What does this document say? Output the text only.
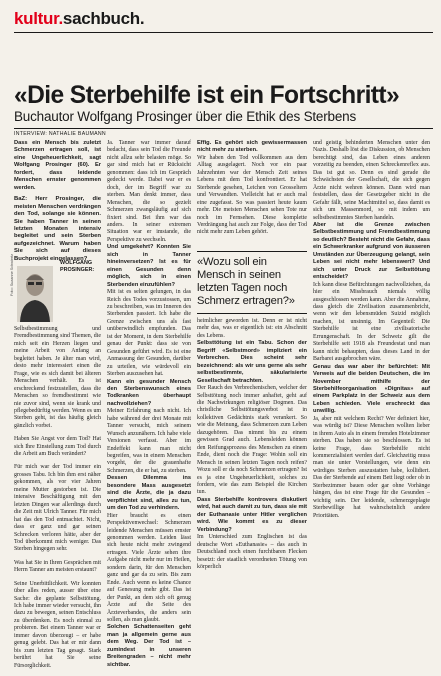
kultur.sachbuch.
«Die Sterbehilfe ist ein Fortschritt»
Buchautor Wolfgang Prosinger über die Ethik des Sterbens
INTERVIEW: NATHALIE BAUMANN

Dass ein Mensch bis zuletzt Schmerzen ertragen soll, ist eine Ungeheuerlichkeit, sagt Wolfgang Prosinger (60). Er fordert, dass leidende Menschen ernster genommen werden.

BaZ: Herr Prosinger, die meisten Menschen verdrängen den Tod, solange sie können. Sie haben Tanner in seinen letzten Monaten intensiv begleitet und sein Sterben aufgezeichnet. Warum haben Sie sich auf dieses Buchprojekt eingelassen?

Foto: Suzanne Schwiertz	WOLFGANG PROSINGER:

Selbstbestimmung und Fremdbestimmung sind Themen, die mich seit ein Herzen liegen und meine Arbeit von Anfang an begleitet haben. Je älter man wird, desto mehr interessiert einen die Frage, wie es sich damit bei älteren Menschen verhält. Es ist erschreckend festzustellen, dass die Menschen so fremdbestimmt wie nie zuvor sind, wenn sie krank und pflegebedürftig werden. Wenn es um Sterben geht, ist das häufig gleich gänzlich vorbei.

Haben Sie Angst vor dem Tod? Hat sich Ihre Einstellung zum Tod durch die Arbeit am Buch verändert?

Für mich war der Tod immer ein grosses Tabu. Ich bin ihm erst näher gekommen, als vor vier Jahren meine Mutter gestorben ist. Die intensive Beschäftigung mit den letzten Dingen war allerdings durch die Zeit mit Ulrich Tanner. Für mich hat das den Tod entmachtet. Nicht, dass er ganz und gar seinen Schrecken verloren hätte, aber der Tod überkommt mich weniger. Das Sterben hingegen sehr.

Was hat Sie in Ihren Gesprächen mit Herrn Tanner am meisten erstaunt?

Seine Unerbittlichkeit. Wir konnten über alles reden, ausser über eine Sache: die geplante Selbsttötung. Ich habe immer wieder versucht, ihn dazu zu bewegen, seinen Entschluss zu überdenken. Es noch einmal zu probieren. Bei einem Tanner war er immer davon überzeugt – er habe genug gelebt. Das hat er mir dann bis zum letzten Tag gesagt. Stark berührt hat Sie seine Fürsorglichkeit.

Ja. Tanner war immer darauf bedacht, dass sein Tod die Freunde nicht allzu sehr belasten möge. So gar sind mich hat er Rücksicht genommen: dass ich im Gespräch gedeckt werde. Dabei war er es doch, der im Begriff war zu sterben. Man denkt immer, dass Menschen, die so gezielt Schmerzen zwangsläufig auf sich fixiert sind. Bei ihm war das anders. In seiner extremen Situation war er imstande, die Perspektive zu wechseln.

Und umgekehrt? Konnten Sie sich in Tanner hineinversetzen? Ist es für einen Gesunden denn möglich, sich in einen Sterbenden einzufühlen?

Mit ist es selten gelungen, in das Reich des Todes vorzustossen, um zu beschreiben, was im Inneren des Sterbenden passiert. Ich habe die Grenze zwischen uns als fast unüberwindlich empfunden. Das ist der Moment, in dem Sterbehilfe genau der Punkt: dass sie von Gesunden geführt wird. Es ist eine Anmassung der Gesunden, darüber zu urteilen, wie würdevoll ein Sterben auszusehen hat.

Kann ein gesunder Mensch den Sterbenswunsch eines Todkranken überhaupt nachvollziehen?

Meiner Erfahrung nach nicht. Ich habe während der drei Monate mit Tanner versucht, mich seinem Wunsch anzunähern. Ich habe viele Versionen verfasst. Aber im Endeffekt kann man nicht begreifen, was in einem Menschen vorgeht, der die grauenhafte Schmerzen, die er hat, zu sterben.

Dessen Dilemma ins besondere Mass ausgesetzt sind die Ärzte, die ja dazu verpflichtet sind, alles zu tun, um den Tod zu verhindern.

Hier braucht es einen Perspektivenwechsel: Schmerzen leidende Menschen müssen ernster genommen werden. Leiden lässt sich heute nicht mehr zwingend ertragen. Viele Ärzte sehen ihre Aufgabe nicht mehr nur im Heilen, sondern darin, für den Menschen ganz und gar da zu sein. Bis zum Ende. Auch wenn es keine Chance auf Genesung mehr gibt. Das ist der Punkt, an dem sich oft genug Ärzte auf die Seite des Ärzteverbandes, die anders sein sollen, als man glaubt.

Solchen Schattenseiten geht man ja allgemein gerne aus dem Weg. Der Tod ist – zumindest in unseren Breitengraden – nicht mehr sichtbar.

Effig. Es gehört sich gewissermassen nicht mehr zu sterben.

Wir haben den Tod vollkommen aus dem Alltag ausgelagert. Noch vor ein paar Jahrzehnten war der Mensch Zeit seines Lebens mit dem Tod konfrontiert. Er hat Sterbende gesehen, Leichen von Grosseltern und Verwandten. Vielleicht hat er auch mal eine zugefasst. So was passiert heute kaum mehr. Die meisten Menschen sehen Tote nur noch im Fernsehen. Diese komplette Verdrängung hat auch zur Folge, dass der Tod nicht mehr zum Leben gehört.

«Wozu soll ein Mensch in seinen letzten Tagen noch Schmerz ertragen?»

heimlicher geworden ist. Denn er ist nicht mehr das, was er eigentlich ist: ein Abschnitt des Lebens.

Selbsttötung ist ein Tabu. Schon der Begriff «Selbstmord» impliziert ein Verbrechen. Dies scheint sehr bezeichnend: als wir uns gerne als sehr selbstbestimmte, säkularisierte Gesellschaft betrachten.

Der Rauch des Verbrechenischen, welcher der Selbsttötung noch immer anhaftet, geht auf die Nachwirkungen religiöser Dogmen. Das christliche Selbsttötungsverbot ist in kollektiven Gedächtnis stark verankert. So wie die Meinung, dass Schmerzen zum Leben dazugehören. Das nimmt bis zu einem gewissen Grad auch. Lebensleiden können den Reifungsprozess des Menschen zu einem Ende, dient noch die Frage: Wohin soll ein Mensch in seinen letzten Tagen noch reifen? Wozu soll er da noch Schmerzen ertragen? Ist es ja eine Ungeheuerlichkeit, solches zu fordern, wie das zum Beispiel die Kirchen tun.

Dass Sterbehilfe kontrovers diskutiert wird, hat auch damit zu tun, dass sie mit der Euthanasie unter Hitler verglichen wird. Wie kommt es zu dieser Verbindung?

Im Unterschied zum Englischen ist das deutsche Wort «Euthanasie» – das auch in Deutschland noch einen furchtbaren Flecken besetzt: der staatlich verordneten Tötung von körperlich

und geistig behinderten Menschen unter den Nazis. Deshalb löst die Diskussion, ob Menschen berechtigt sind, das Leben eines anderen vorzeitig zu beenden, einen Schreckenreflex aus. Das ist gut so. Denn es sind gerade die Schwächsten der Gesellschaft, die sich gegen Ärzte nicht wehren können. Dann wird man feststellen, dass der Gesetzgeber nicht in die Gefahr fällt, seine Machtmittel so, dass damit es sich um Massenmord, so mit indem um selbstbestimmtes Sterben handeln.

Aber ist die Grenze zwischen Selbstbestimmung und Fremdbestimmung so deutlich? Besteht nicht die Gefahr, dass ein Schwerkranker aufgrund von äusseren Umständen zur Überzeugung gelangt, sein Leben sei nicht mehr lebenswert? Und sich unter Druck zur Selbsttötung entscheidet?

Ich kann diese Befürchtungen nachvollziehen, da hier ein Missbrauch niemals völlig ausgeschlossen werden kann. Aber die Annahme, dass gleich die Zivilisation zusammenbricht, wenn wir den lebensmüden Suizid möglich machen, ist unsinnig. Im Gegenteil: Die Sterbehilfe ist eine zivilisatorische Errungenschaft. In der Schweiz gilt die Sterbehilfe seit 1918 als Freundestat und man kann nicht behaupten, dass dieses Land in der Barbarei ausgebrochen wäre.

Genau das war aber ihr befürchtet: Mit Verweis auf die beiden Deutschen, die im November mithilfe der Sterbehilfeorganisation «Dignitas» auf einem Parkplatz in der Schweiz aus dem Leben schieden. Viele erschreckt das unwillig.

Ja, aber mit welchem Recht? Wer definiert hier, was würdig ist? Diese Menschen wollten lieber in ihrem Auto als in einem fremden Hotelzimmer sterben. Das haben sie so beschlossen. Es ist keine Frage, dass Sterbehilfe nicht kommerzialisiert werden darf. Gleichzeitig muss man sie unter Vorstellungen, wie denn ein würdiges Sterben auszustatten habe, kollidiert. Das der Sterbende auf einem Bett liegt oder ob in Sterbezimmer bauen oder gar ohne Vorhänge hängen, das ist eine Frage für die Gesunden – wichtig sein. Der leidende, schmerzgeplagte Sterbewillige hat wahrscheinlich andere Prioritäten.
